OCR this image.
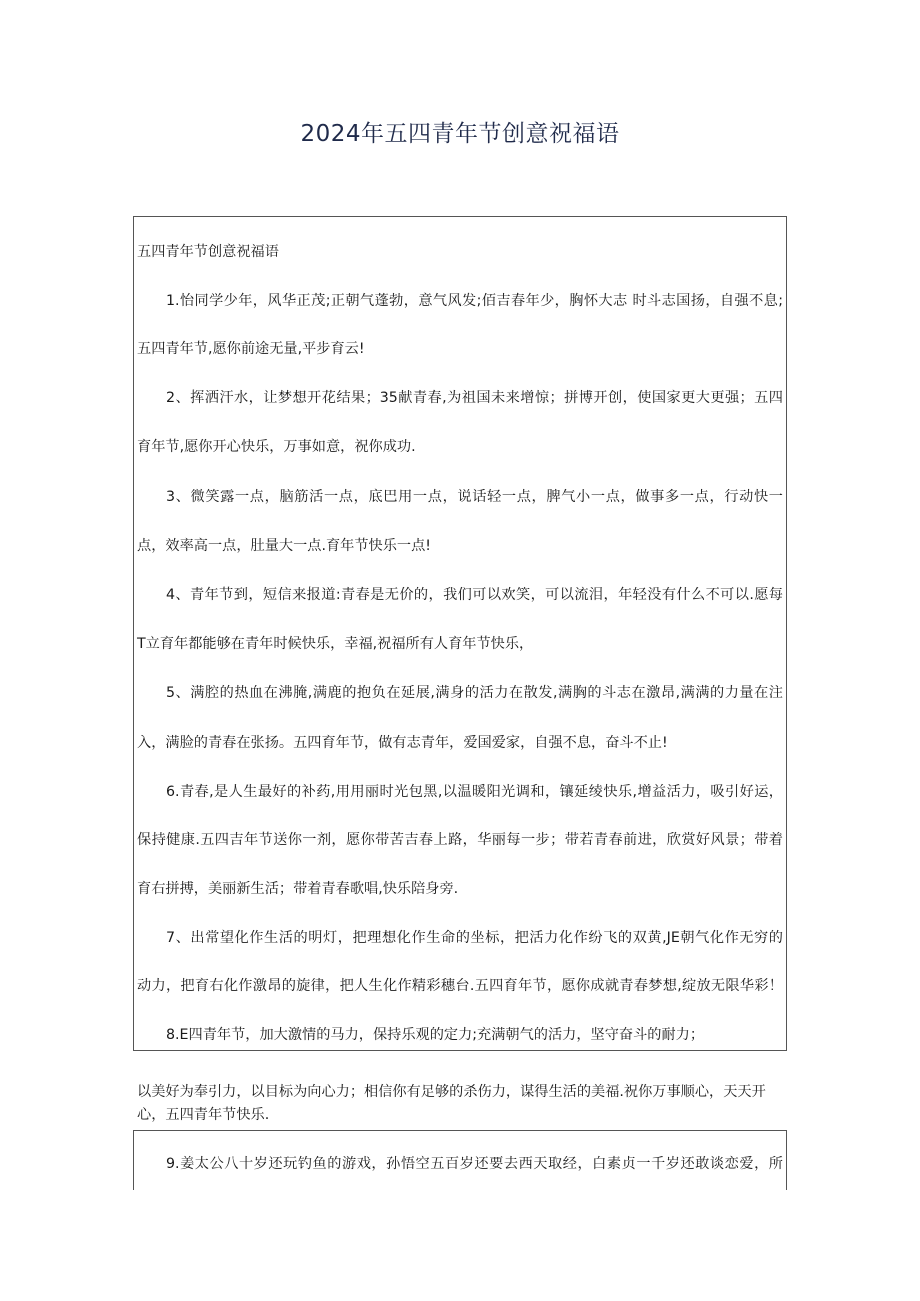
2024年五四青年节创意祝福语
五四青年节创意祝福语
1.怡同学少年，风华正茂;正朝气蓬勃，意气风发;佰吉春年少，胸怀大志 时斗志国扬，自强不息;
五四青年节,愿你前途无量,平步育云!
2、挥洒汗水，让梦想开花结果；35献青春,为祖国未来增惊；拼博开创，使国家更大更强；五四
育年节,愿你开心快乐，万事如意，祝你成功.
3、微笑露一点，脑筋活一点，底巴用一点，说话轻一点，脾气小一点，做事多一点，行动快一
点，效率高一点，肚量大一点.育年节快乐一点!
4、青年节到，短信来报道:青春是无价的，我们可以欢笑，可以流泪，年轻没有什么不可以.愿每
T立育年都能够在青年时候快乐，幸福,祝福所有人育年节快乐，
5、满腔的热血在沸腌,满鹿的抱负在延展,满身的活力在散发,满胸的斗志在激昂,满满的力量在注
入，满脸的青春在张扬。五四育年节，做有志青年，爱国爱家，自强不息，奋斗不止!
6.青春,是人生最好的补药,用用丽时光包黑,以温暖阳光调和，镶延绫快乐,增益活力，吸引好运，
保持健康.五四吉年节送你一剂，愿你带苦吉春上路，华丽每一步；带若青春前进，欣赏好风景；带着
育右拼搏，美丽新生活；带着青春歌唱,快乐陪身旁.
7、出常望化作生活的明灯，把理想化作生命的坐标，把活力化作纷飞的双黄,JE朝气化作无穷的
动力，把育右化作激昂的旋律，把人生化作精彩穗台.五四育年节，愿你成就青春梦想,绽放无限华彩！
8.E四青年节，加大激情的马力，保持乐观的定力;充满朝气的活力，坚守奋斗的耐力；
以美好为奉引力，以目标为向心力；相信你有足够的杀伤力，谋得生活的美福.祝你万事顺心，天天开
心，五四青年节快乐.
9.姜太公八十岁还玩钓鱼的游戏，孙悟空五百岁还要去西天取经，白素贞一千岁还敢谈恋爱，所
